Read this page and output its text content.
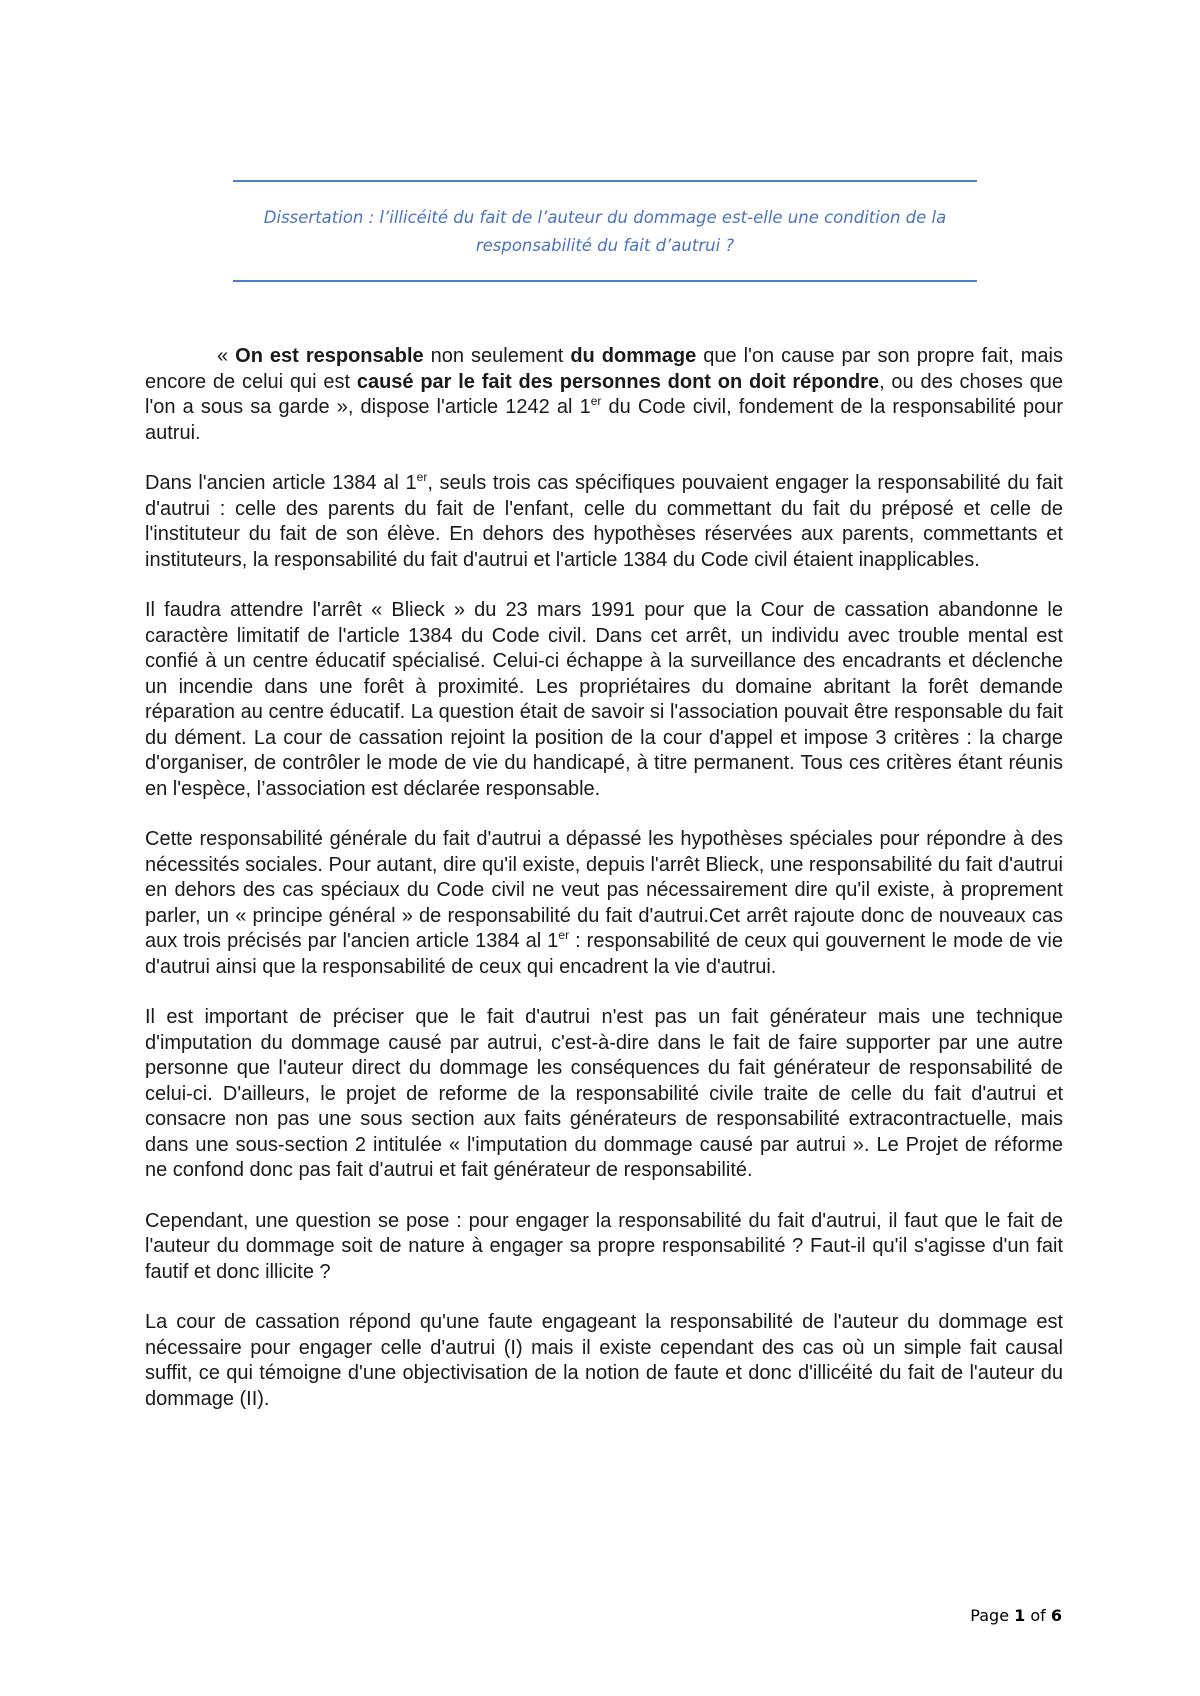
Dissertation : l’illicéité du fait de l’auteur du dommage est-elle une condition de la responsabilité du fait d’autrui ?

« On est responsable non seulement du dommage que l'on cause par son propre fait, mais encore de celui qui est causé par le fait des personnes dont on doit répondre, ou des choses que l'on a sous sa garde », dispose l'article 1242 al 1er du Code civil, fondement de la responsabilité pour autrui.

Dans l'ancien article 1384 al 1er, seuls trois cas spécifiques pouvaient engager la responsabilité du fait d'autrui : celle des parents du fait de l'enfant, celle du commettant du fait du préposé et celle de l'instituteur du fait de son élève. En dehors des hypothèses réservées aux parents, commettants et instituteurs, la responsabilité du fait d'autrui et l'article 1384 du Code civil étaient inapplicables.

Il faudra attendre l'arrêt « Blieck » du 23 mars 1991 pour que la Cour de cassation abandonne le caractère limitatif de l'article 1384 du Code civil. Dans cet arrêt, un individu avec trouble mental est confié à un centre éducatif spécialisé. Celui-ci échappe à la surveillance des encadrants et déclenche un incendie dans une forêt à proximité. Les propriétaires du domaine abritant la forêt demande réparation au centre éducatif. La question était de savoir si l'association pouvait être responsable du fait du dément. La cour de cassation rejoint la position de la cour d'appel et impose 3 critères : la charge d'organiser, de contrôler le mode de vie du handicapé, à titre permanent. Tous ces critères étant réunis en l'espèce, l’association est déclarée responsable.

Cette responsabilité générale du fait d'autrui a dépassé les hypothèses spéciales pour répondre à des nécessités sociales. Pour autant, dire qu'il existe, depuis l'arrêt Blieck, une responsabilité du fait d'autrui en dehors des cas spéciaux du Code civil ne veut pas nécessairement dire qu'il existe, à proprement parler, un « principe général » de responsabilité du fait d'autrui.Cet arrêt rajoute donc de nouveaux cas aux trois précisés par l'ancien article 1384 al 1er : responsabilité de ceux qui gouvernent le mode de vie d'autrui ainsi que la responsabilité de ceux qui encadrent la vie d'autrui.

Il est important de préciser que le fait d'autrui n'est pas un fait générateur mais une technique d'imputation du dommage causé par autrui, c'est-à-dire dans le fait de faire supporter par une autre personne que l'auteur direct du dommage les conséquences du fait générateur de responsabilité de celui-ci. D'ailleurs, le projet de reforme de la responsabilité civile traite de celle du fait d'autrui et consacre non pas une sous section aux faits générateurs de responsabilité extracontractuelle, mais dans une sous-section 2 intitulée « l'imputation du dommage causé par autrui ». Le Projet de réforme ne confond donc pas fait d'autrui et fait générateur de responsabilité.

Cependant, une question se pose : pour engager la responsabilité du fait d'autrui, il faut que le fait de l'auteur du dommage soit de nature à engager sa propre responsabilité ? Faut-il qu'il s'agisse d'un fait fautif et donc illicite ?

La cour de cassation répond qu'une faute engageant la responsabilité de l'auteur du dommage est nécessaire pour engager celle d'autrui (I) mais il existe cependant des cas où un simple fait causal suffit, ce qui témoigne d'une objectivisation de la notion de faute et donc d'illicéité du fait de l'auteur du dommage (II).

Page 1 of 6
